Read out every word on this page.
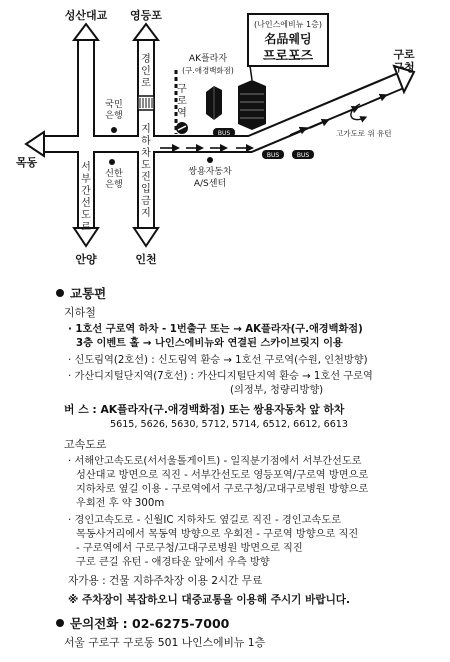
BUS
BUS	BUS
성산대교 영등포
안양	인천
목동
구로
구청
경
인
로
지
하
차
도
진
입
금
지
서
부
간
선
도
로
구
로
역
국민
은행
신한
은행
AK플라자
(구.애경백화점)
쌍용자동차
A/S센터
고가도로 위 유턴
(나인스에비뉴 1층)
名品웨딩
프로포즈
교통편
지하철
· 1호선 구로역 하차 - 1번출구 또는 → AK플라자(구.애경백화점)
3층 이벤트 홀 → 나인스에비뉴와 연결된 스카이브릿지 이용
· 신도림역(2호선) : 신도림역 환승 → 1호선 구로역(수원, 인천방향)
· 가산디지털단지역(7호선) : 가산디지털단지역 환승 → 1호선 구로역
(의정부, 청량리방향)
버 스 : AK플라자(구.애경백화점) 또는 쌍용자동차 앞 하차
5615, 5626, 5630, 5712, 5714, 6512, 6612, 6613
고속도로
· 서해안고속도로(서서울톨게이트) - 일직분기점에서 서부간선도로
성산대교 방면으로 직진 - 서부간선도로 영등포역/구로역 방면으로
지하차로 옆길 이용 - 구로역에서 구로구청/고대구로병원 방향으로
우회전 후 약 300m
· 경인고속도로 - 신월IC 지하차도 옆길로 직진 - 경인고속도로
목동사거리에서 목동역 방향으로 우회전 - 구로역 방향으로 직진
- 구로역에서 구로구청/고대구로병원 방면으로 직진
구로 큰길 유턴 - 애경타운 앞에서 우측 방향
자가용 : 건물 지하주차장 이용 2시간 무료
※ 주차장이 복잡하오니 대중교통을 이용해 주시기 바랍니다.
문의전화 : 02-6275-7000
서울 구로구 구로동 501 나인스에비뉴 1층
